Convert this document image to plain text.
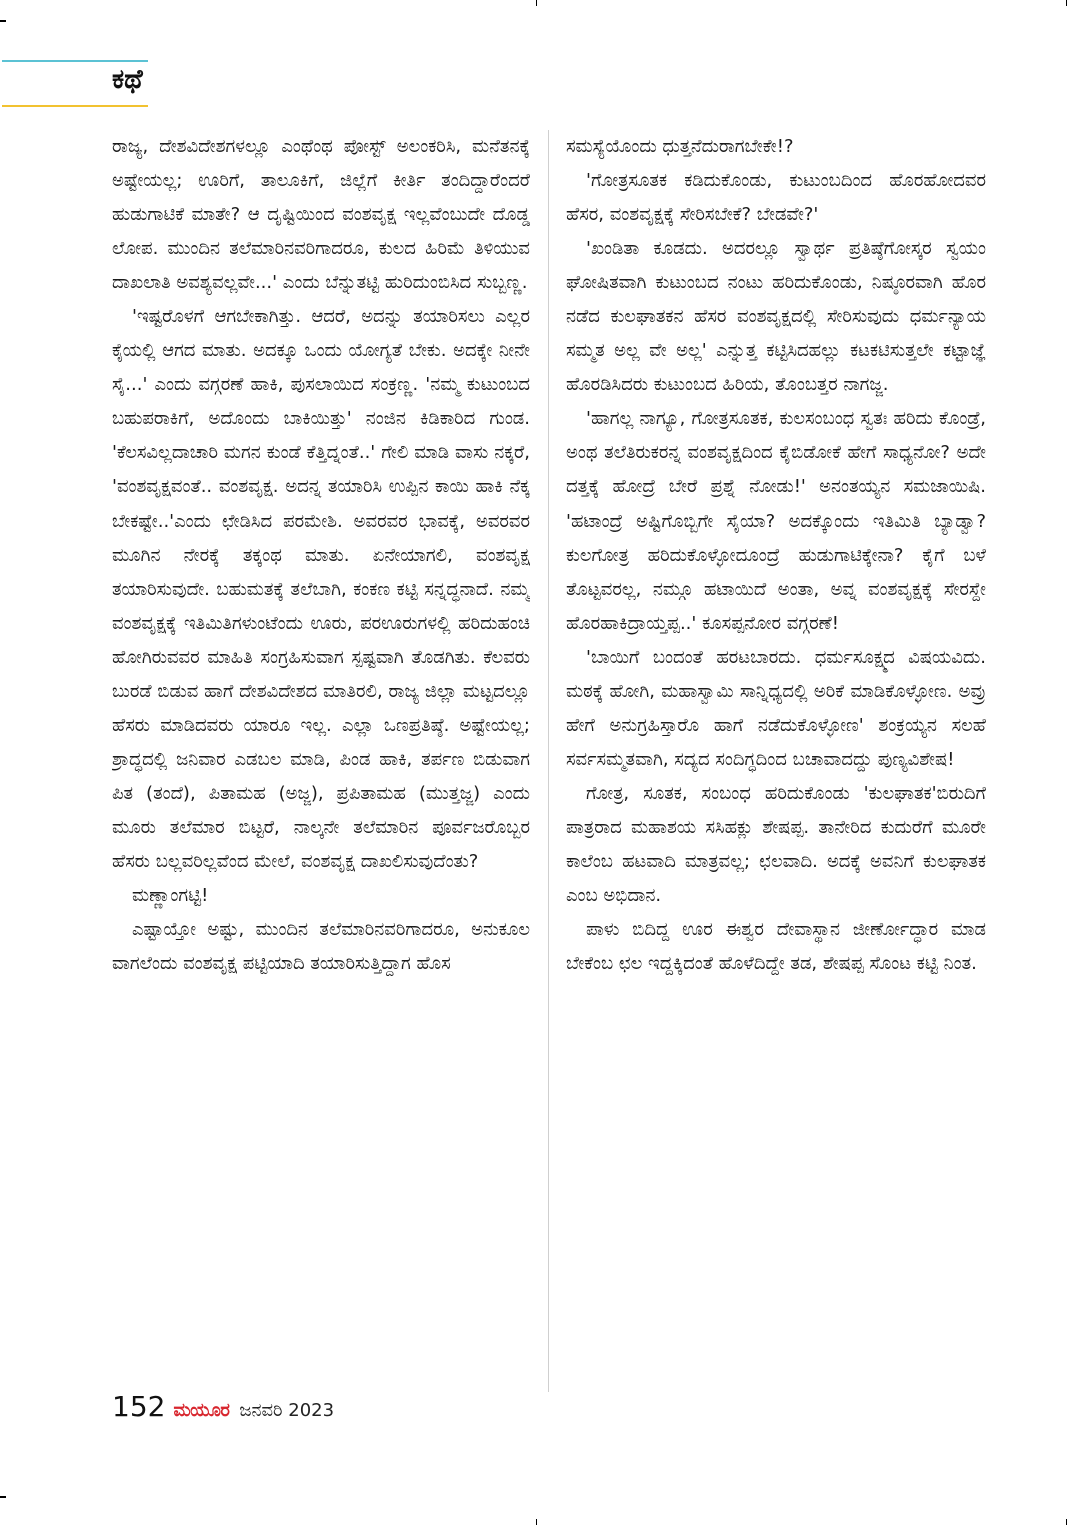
ಕಥೆ

ರಾಜ್ಯ, ದೇಶವಿದೇಶಗಳಲ್ಲೂ ಎಂಥೆಂಥ ಪೋಸ್ಟ್ ಅಲಂಕರಿಸಿ, ಮನೆತನಕ್ಕೆ ಅಷ್ಟೇಯಲ್ಲ; ಊರಿಗೆ, ತಾಲೂಕಿಗೆ, ಜಿಲ್ಲೆಗೆ ಕೀರ್ತಿ ತಂದಿದ್ದಾರೆಂದರೆ ಹುಡುಗಾಟಿಕೆ ಮಾತೇ? ಆ ದೃಷ್ಟಿಯಿಂದ ವಂಶವೃಕ್ಷ ಇಲ್ಲವೆಂಬುದೇ ದೊಡ್ಡ ಲೋಪ. ಮುಂದಿನ ತಲೆಮಾರಿನವರಿಗಾದರೂ, ಕುಲದ ಹಿರಿಮೆ ತಿಳಿಯುವ ದಾಖಲಾತಿ ಅವಶ್ಯವಲ್ಲವೇ...' ಎಂದು ಬೆನ್ನುತಟ್ಟಿ ಹುರಿದುಂಬಿಸಿದ ಸುಬ್ಬಣ್ಣ.

'ಇಷ್ಟರೊಳಗೆ ಆಗಬೇಕಾಗಿತ್ತು. ಆದರೆ, ಅದನ್ನು ತಯಾರಿಸಲು ಎಲ್ಲರ ಕೈಯಲ್ಲಿ ಆಗದ ಮಾತು. ಅದಕ್ಕೂ ಒಂದು ಯೋಗ್ಯತೆ ಬೇಕು. ಅದಕ್ಕೇ ನೀನೇ ಸೈ...' ಎಂದು ವಗ್ಗರಣೆ ಹಾಕಿ, ಪುಸಲಾಯಿದ ಸಂಕ್ರಣ್ಣ. 'ನಮ್ಮ ಕುಟುಂಬದ ಬಹುಪರಾಕಿಗೆ, ಅದೊಂದು ಬಾಕಿಯಿತ್ತು' ನಂಜಿನ ಕಿಡಿಕಾರಿದ ಗುಂಡ. 'ಕೆಲಸವಿಲ್ಲದಾಚಾರಿ ಮಗನ ಕುಂಡೆ ಕೆತ್ತಿದ್ನಂತೆ..' ಗೇಲಿ ಮಾಡಿ ವಾಸು ನಕ್ಕರೆ, 'ವಂಶವೃಕ್ಷವಂತೆ.. ವಂಶವೃಕ್ಷ. ಅದನ್ನ ತಯಾರಿಸಿ ಉಪ್ಪಿನ ಕಾಯಿ ಹಾಕಿ ನೆಕ್ಕ ಬೇಕಷ್ಟೇ..'ಎಂದು ಛೇಡಿಸಿದ ಪರಮೇಶಿ. ಅವರವರ ಭಾವಕ್ಕೆ, ಅವರವರ ಮೂಗಿನ ನೇರಕ್ಕೆ ತಕ್ಕಂಥ ಮಾತು. ಏನೇಯಾಗಲಿ, ವಂಶವೃಕ್ಷ ತಯಾರಿಸುವುದೇ. ಬಹುಮತಕ್ಕೆ ತಲೆಬಾಗಿ, ಕಂಕಣ ಕಟ್ಟಿ ಸನ್ನದ್ಧನಾದೆ. ನಮ್ಮ ವಂಶವೃಕ್ಷಕ್ಕೆ ಇತಿಮಿತಿಗಳುಂಟೆಂದು ಊರು, ಪರಊರುಗಳಲ್ಲಿ ಹರಿದುಹಂಚಿ ಹೋಗಿರುವವರ ಮಾಹಿತಿ ಸಂಗ್ರಹಿಸುವಾಗ ಸ್ಪಷ್ಟವಾಗಿ ತೊಡಗಿತು. ಕೆಲವರು ಬುರಡೆ ಬಿಡುವ ಹಾಗೆ ದೇಶವಿದೇಶದ ಮಾತಿರಲಿ, ರಾಜ್ಯ ಜಿಲ್ಲಾ ಮಟ್ಟದಲ್ಲೂ ಹೆಸರು ಮಾಡಿದವರು ಯಾರೂ ಇಲ್ಲ. ಎಲ್ಲಾ ಒಣಪ್ರತಿಷ್ಠೆ. ಅಷ್ಟೇಯಲ್ಲ; ಶ್ರಾದ್ಧದಲ್ಲಿ ಜನಿವಾರ ಎಡಬಲ ಮಾಡಿ, ಪಿಂಡ ಹಾಕಿ, ತರ್ಪಣ ಬಿಡುವಾಗ ಪಿತ (ತಂದೆ), ಪಿತಾಮಹ (ಅಜ್ಜ), ಪ್ರಪಿತಾಮಹ (ಮುತ್ತಜ್ಜ) ಎಂದು ಮೂರು ತಲೆಮಾರ ಬಿಟ್ಟರೆ, ನಾಲ್ಕನೇ ತಲೆಮಾರಿನ ಪೂರ್ವಜರೊಬ್ಬರ ಹೆಸರು ಬಲ್ಲವರಿಲ್ಲವೆಂದ ಮೇಲೆ, ವಂಶವೃಕ್ಷ ದಾಖಲಿಸುವುದೆಂತು?

ಮಣ್ಣಾಂಗಟ್ಟಿ!

ಎಷ್ಟಾಯ್ತೋ ಅಷ್ಟು, ಮುಂದಿನ ತಲೆಮಾರಿನವರಿಗಾದರೂ, ಅನುಕೂಲ ವಾಗಲೆಂದು ವಂಶವೃಕ್ಷ ಪಟ್ಟಿಯಾದಿ ತಯಾರಿಸುತ್ತಿದ್ದಾಗ ಹೊಸ

ಸಮಸ್ಯೆಯೊಂದು ಧುತ್ತನೆದುರಾಗಬೇಕೇ!?

'ಗೋತ್ರಸೂತಕ ಕಡಿದುಕೊಂಡು, ಕುಟುಂಬದಿಂದ ಹೊರಹೋದವರ ಹೆಸರ, ವಂಶವೃಕ್ಷಕ್ಕೆ ಸೇರಿಸಬೇಕೆ? ಬೇಡವೇ?'

'ಖಂಡಿತಾ ಕೂಡದು. ಅದರಲ್ಲೂ ಸ್ವಾರ್ಥ ಪ್ರತಿಷ್ಠೆಗೋಸ್ಕರ ಸ್ವಯಂ ಘೋಷಿತವಾಗಿ ಕುಟುಂಬದ ನಂಟು ಹರಿದುಕೊಂಡು, ನಿಷ್ಠೂರವಾಗಿ ಹೊರ ನಡೆದ ಕುಲಘಾತಕನ ಹೆಸರ ವಂಶವೃಕ್ಷದಲ್ಲಿ ಸೇರಿಸುವುದು ಧರ್ಮನ್ಯಾಯ ಸಮ್ಮತ ಅಲ್ಲ ವೇ ಅಲ್ಲ' ಎನ್ನುತ್ತ ಕಟ್ಟಿಸಿದಹಲ್ಲು ಕಟಕಟಿಸುತ್ತಲೇ ಕಟ್ಟಾಜ್ಞೆ ಹೊರಡಿಸಿದರು ಕುಟುಂಬದ ಹಿರಿಯ, ತೊಂಬತ್ತರ ನಾಗಜ್ಜ.

'ಹಾಗಲ್ಲ ನಾಗ್ಯೂ, ಗೋತ್ರಸೂತಕ, ಕುಲಸಂಬಂಧ ಸ್ವತಃ ಹರಿದು ಕೊಂಡ್ರೆ, ಅಂಥ ತಲೆತಿರುಕರನ್ನ ವಂಶವೃಕ್ಷದಿಂದ ಕೈಬಿಡೋಕೆ ಹೇಗೆ ಸಾಧ್ಯನೋ? ಅದೇ ದತ್ತಕ್ಕೆ ಹೋದ್ರೆ ಬೇರೆ ಪ್ರಶ್ನೆ ನೋಡು!' ಅನಂತಯ್ಯನ ಸಮಜಾಯಿಷಿ. 'ಹಟಾಂದ್ರೆ ಅಷ್ಟಿಗೊಬ್ಬಿಗೇ ಸೈಯಾ? ಅದಕ್ಕೊಂದು ಇತಿಮಿತಿ ಬ್ಯಾಡ್ವಾ? ಕುಲಗೋತ್ರ ಹರಿದುಕೊಳ್ಳೋದೂಂದ್ರೆ ಹುಡುಗಾಟಿಕ್ಕೇನಾ? ಕೈಗೆ ಬಳೆ ತೊಟ್ಟವರಲ್ಲ, ನಮ್ಗೂ ಹಟಾಯಿದೆ ಅಂತಾ, ಅವ್ನ ವಂಶವೃಕ್ಷಕ್ಕೆ ಸೇರಸ್ದೇ ಹೊರಹಾಕಿದ್ರಾಯ್ತಪ್ಪ..' ಕೂಸಪ್ಪನೋರ ವಗ್ಗರಣೆ!

'ಬಾಯಿಗೆ ಬಂದಂತೆ ಹರಟಬಾರದು. ಧರ್ಮಸೂಕ್ಷ್ಮದ ವಿಷಯವಿದು. ಮಠಕ್ಕೆ ಹೋಗಿ, ಮಹಾಸ್ವಾಮಿ ಸಾನ್ನಿಧ್ಯದಲ್ಲಿ ಅರಿಕೆ ಮಾಡಿಕೊಳ್ಳೋಣ. ಅವ್ರು ಹೇಗೆ ಅನುಗ್ರಹಿಸ್ತಾರೊ ಹಾಗೆ ನಡೆದುಕೊಳ್ಳೋಣ' ಶಂಕ್ರಯ್ಯನ ಸಲಹೆ ಸರ್ವಸಮ್ಮತವಾಗಿ, ಸದ್ಯದ ಸಂದಿಗ್ಧದಿಂದ ಬಚಾವಾದದ್ದು ಪುಣ್ಯವಿಶೇಷ!

ಗೋತ್ರ, ಸೂತಕ, ಸಂಬಂಧ ಹರಿದುಕೊಂಡು 'ಕುಲಘಾತಕ'ಬಿರುದಿಗೆ ಪಾತ್ರರಾದ ಮಹಾಶಯ ಸಸಿಹಕ್ಲು ಶೇಷಪ್ಪ. ತಾನೇರಿದ ಕುದುರೆಗೆ ಮೂರೇ ಕಾಲೆಂಬ ಹಟವಾದಿ ಮಾತ್ರವಲ್ಲ; ಛಲವಾದಿ. ಅದಕ್ಕೆ ಅವನಿಗೆ ಕುಲಘಾತಕ ಎಂಬ ಅಭಿದಾನ.

ಪಾಳು ಬಿದಿದ್ದ ಊರ ಈಶ್ವರ ದೇವಾಸ್ಥಾನ ಜೀರ್ಣೋದ್ಧಾರ ಮಾಡ ಬೇಕೆಂಬ ಛಲ ಇದ್ದಕ್ಕಿದಂತೆ ಹೊಳೆದಿದ್ದೇ ತಡ, ಶೇಷಪ್ಪ ಸೊಂಟ ಕಟ್ಟಿ ನಿಂತ.

152 ಮಯೂರ ಜನವರಿ 2023
